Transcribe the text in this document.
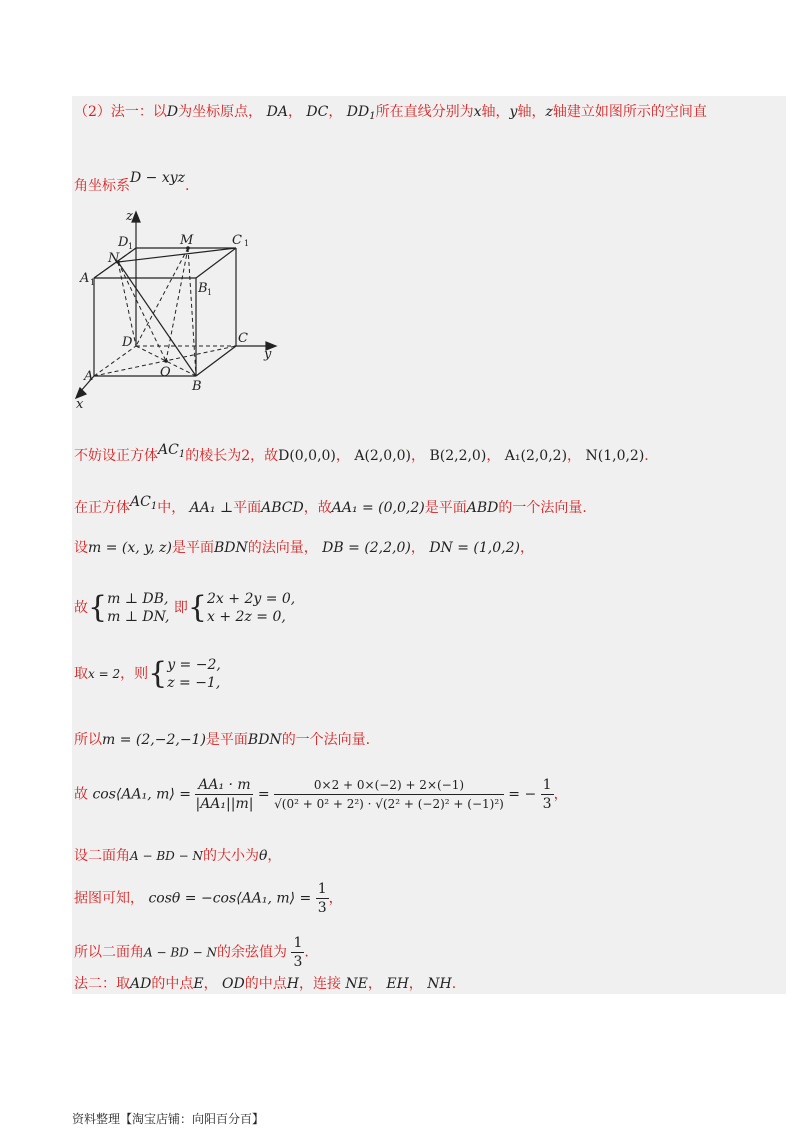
（2）法一：以D为坐标原点， DA， DC， $DD_1$所在直线分别为x轴，y轴，z轴建立如图所示的空间直
角坐标系D − xyz.
z
y
x
D	M	C
N
A
B
D	C
A	O
B
1	1
1
1
不妨设正方体$AC^1$的棱长为2，故D(0,0,0)， A(2,0,0)， B(2,2,0)， A₁(2,0,2)， N(1,0,2).
在正方体$AC^1$中， AA₁ ⊥平面ABCD，故AA₁ = (0,0,2)是平面ABD的一个法向量.
设m = (x, y, z)是平面BDN的法向量， DB = (2,2,0)， DN = (1,0,2)，
故{ m ⊥ DB,
m ⊥ DN,
即{ 2x + 2y = 0,
x + 2z = 0,
取x = 2，则{ y = −2,
z = −1,
所以m = (2,−2,−1)是平面BDN的一个法向量.
故 cos⟨AA₁, m⟩ = $\frac{\text{AA₁ · m}}{\text{|AA₁||m|}} = \frac{0\times 2 + 0\times(-2) + 2\times(-1)}{\text{√(0² + 0² + 2²) · √(2² + (−2)² + (−1)²)}}$ = − $\frac{1}{3}$ ，
设二面角A − BD − N的大小为θ，
据图可知， cosθ = −cos⟨AA₁, m⟩ = $\frac{1}{3}$ ，
所以二面角A − BD − N的余弦值为 $\frac{1}{3}$ .
法二：取AD的中点E， OD的中点H，连接 NE， EH， NH.
资料整理【淘宝店铺：向阳百分百】
